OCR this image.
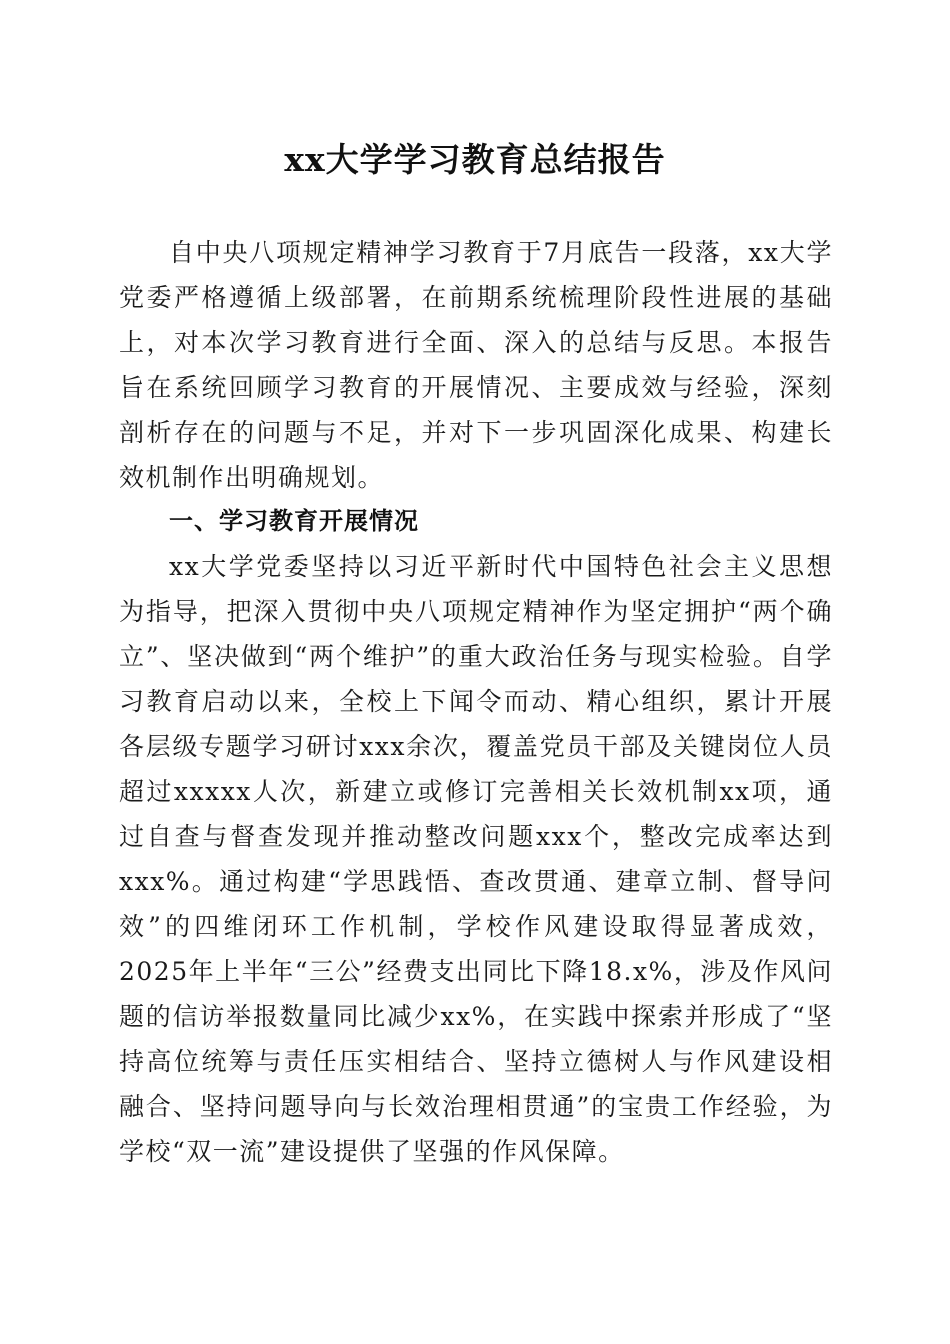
xx大学学习教育总结报告

自中央八项规定精神学习教育于7月底告一段落，xx大学党委严格遵循上级部署，在前期系统梳理阶段性进展的基础上，对本次学习教育进行全面、深入的总结与反思。本报告旨在系统回顾学习教育的开展情况、主要成效与经验，深刻剖析存在的问题与不足，并对下一步巩固深化成果、构建长效机制作出明确规划。

一、学习教育开展情况

xx大学党委坚持以习近平新时代中国特色社会主义思想为指导，把深入贯彻中央八项规定精神作为坚定拥护“两个确立”、坚决做到“两个维护”的重大政治任务与现实检验。自学习教育启动以来，全校上下闻令而动、精心组织，累计开展各层级专题学习研讨xxx余次，覆盖党员干部及关键岗位人员超过xxxxx人次，新建立或修订完善相关长效机制xx项，通过自查与督查发现并推动整改问题xxx个，整改完成率达到xxx%。通过构建“学思践悟、查改贯通、建章立制、督导问效”的四维闭环工作机制，学校作风建设取得显著成效，2025年上半年“三公”经费支出同比下降18.x%，涉及作风问题的信访举报数量同比减少xx%，在实践中探索并形成了“坚持高位统筹与责任压实相结合、坚持立德树人与作风建设相融合、坚持问题导向与长效治理相贯通”的宝贵工作经验，为学校“双一流”建设提供了坚强的作风保障。
